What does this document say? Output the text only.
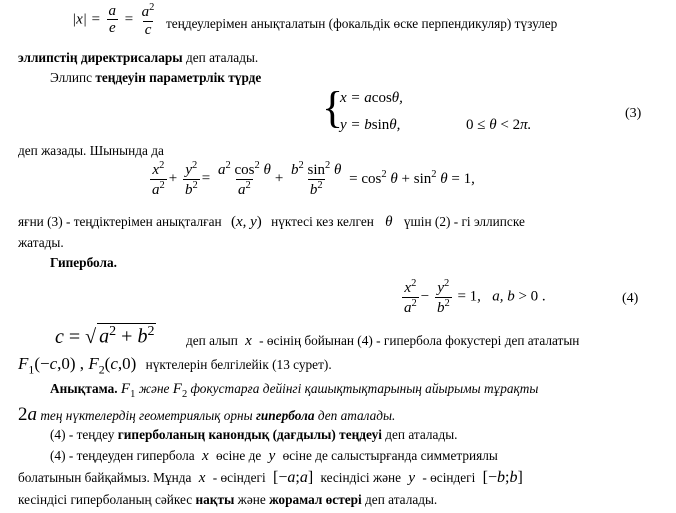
$|x| = \frac{a}{e} = \frac{a^2}{c}$ теңдеулерімен анықталатын (фокальдік өске перпендикуляр) түзулер
эллипстің директрисалары деп аталады.
Эллипс теңдеуін параметрлік түрде
{
x = acosθ,
y = bsinθ,	0 ≤ θ < 2π.
(3)
деп жазады. Шынында да
$\frac{x^2}{a^2} + \frac{y^2}{b^2} = \frac{a^2 \cos^2 \theta}{a^2} + \frac{b^2 \sin^2 \theta}{b^2} = \cos^2 \theta + \sin^2 \theta = 1$,
яғни (3) - теңдіктерімен анықталған (x, y) нүктесі кез келген θ үшін (2) - гі эллипске
жатады.
Гипербола.
$\frac{x^2}{a^2} - \frac{y^2}{b^2} = 1$,   a, b > 0 .	(4)
c = √ $a^2 + b^2$
деп алып x - өсінің бойынан (4) - гипербола фокустері деп аталатын
$F_1(-c,0)$ , $F_2(c,0)$ нүктелерін белгілейік (13 сурет).
Анықтама. $F_1$ және $F_2$ фокустарға дейінгі қашықтықтарының айырымы тұрақты
2a тең нүктелердің геометриялық орны гипербола деп аталады.
(4) - теңдеу гиперболаның канондық (дағдылы) теңдеуі деп аталады.
(4) - теңдеуден гипербола x өсіне де y өсіне де салыстырғанда симметриялы
болатынын байқаймыз. Мұнда x - өсіндегі [−a;a] кесіндісі және y - өсіндегі [−b;b]
кесіндісі гиперболаның сәйкес нақты және жорамал өстері деп аталады.
